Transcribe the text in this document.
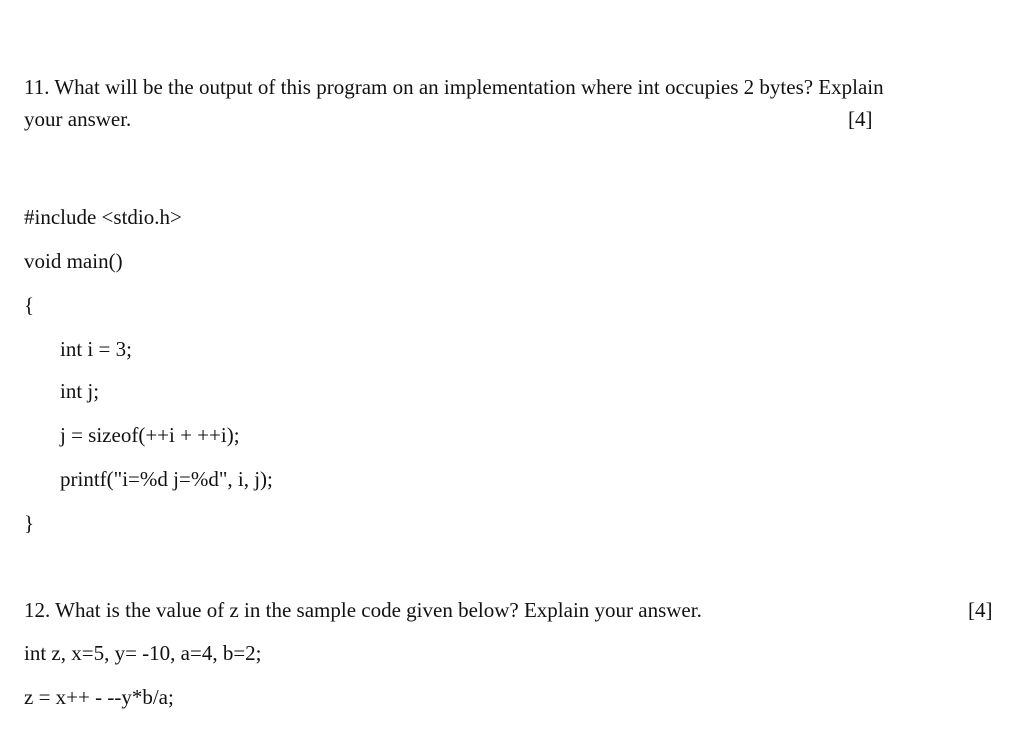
11. What will be the output of this program on an implementation where int occupies 2 bytes? Explain
your answer.	[4]
#include <stdio.h>
void main()
{
int i = 3;
int j;
j = sizeof(++i + ++i);
printf("i=%d j=%d", i, j);
}
12. What is the value of z in the sample code given below? Explain your answer.	[4]
int z, x=5, y= -10, a=4, b=2;
z = x++ - --y*b/a;
